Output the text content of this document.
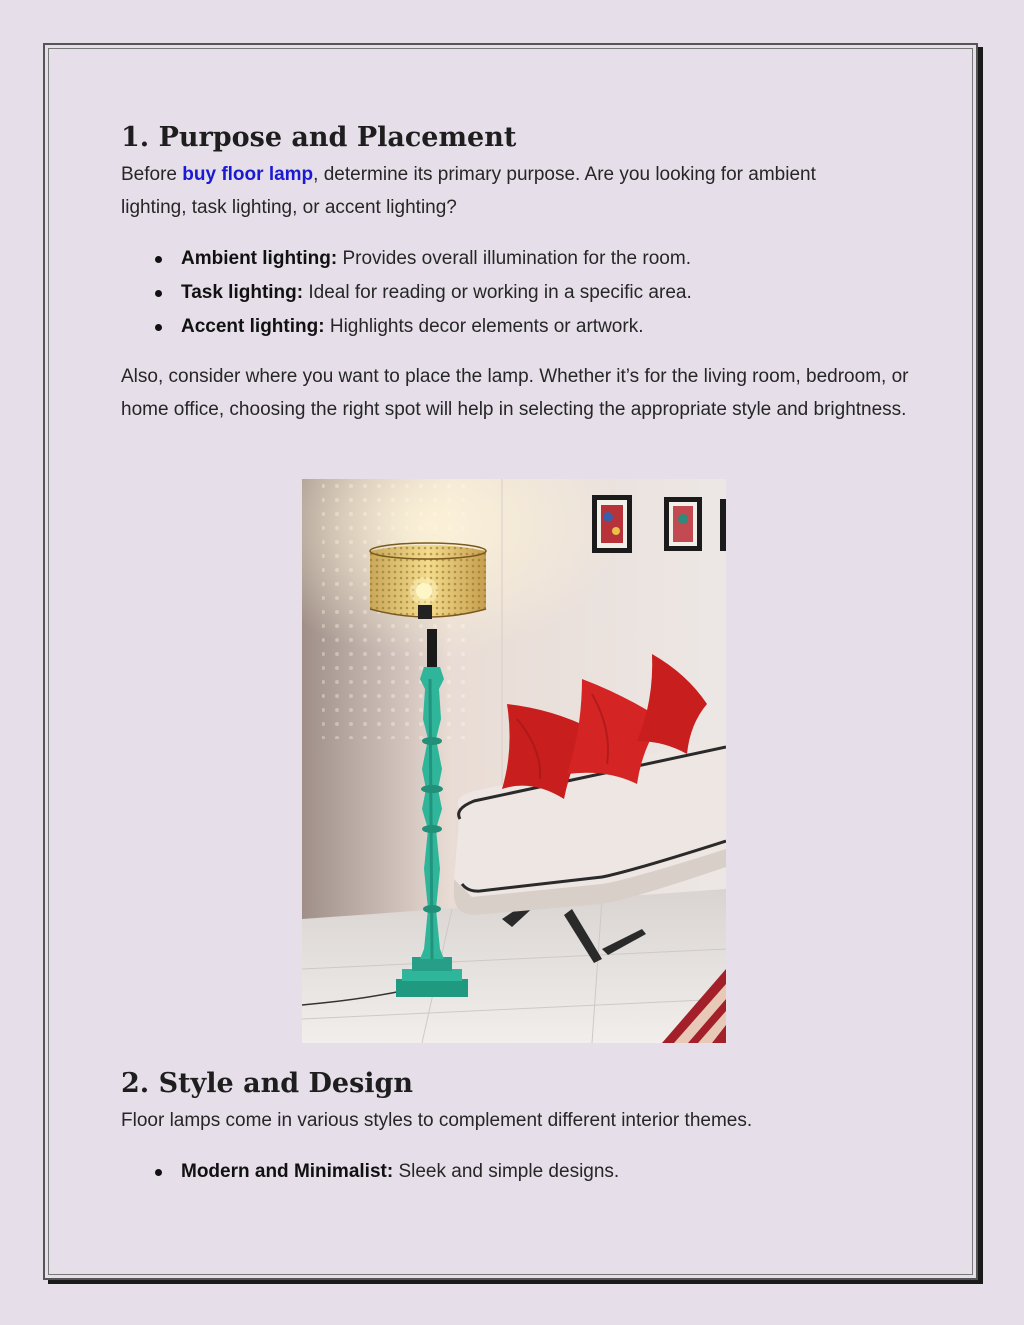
1. Purpose and Placement

Before buy floor lamp, determine its primary purpose. Are you looking for ambient lighting, task lighting, or accent lighting?

Ambient lighting: Provides overall illumination for the room.
Task lighting: Ideal for reading or working in a specific area.
Accent lighting: Highlights decor elements or artwork.

Also, consider where you want to place the lamp. Whether it’s for the living room, bedroom, or home office, choosing the right spot will help in selecting the appropriate style and brightness.

2. Style and Design

Floor lamps come in various styles to complement different interior themes.

Modern and Minimalist: Sleek and simple designs.
